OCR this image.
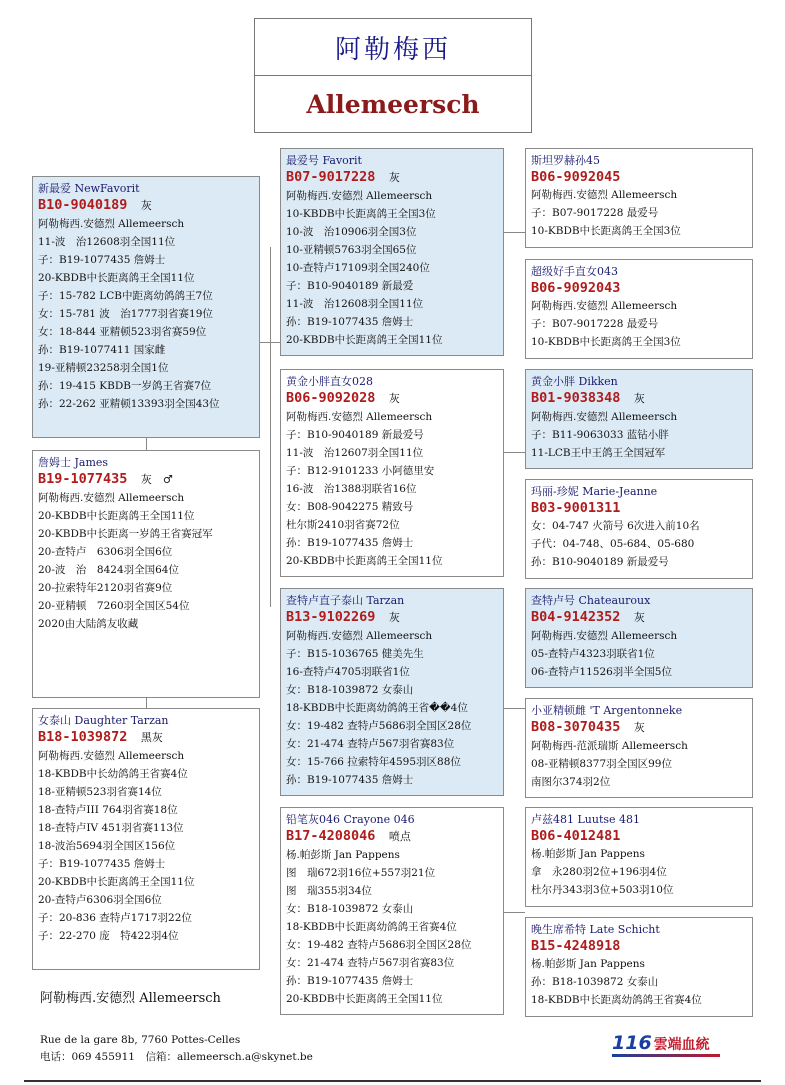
阿勒梅西
Allemeersch
新最爱 NewFavorit
B10-9040189　 灰
阿勒梅西.安德烈 Allemeersch
11-波　治12608羽全国11位
子：B19-1077435 詹姆士
20-KBDB中长距离鸽王全国11位
子：15-782 LCB中距离幼鸽鸽王7位
女：15-781 波　治1777羽省赛19位
女：18-844 亚精顿523羽省赛59位
孙：B19-1077411 国家雌
19-亚精顿23258羽全国1位
孙：19-415 KBDB一岁鸽王省赛7位
孙：22-262 亚精顿13393羽全国43位
詹姆士 James
B19-1077435　 灰　♂
阿勒梅西.安德烈 Allemeersch
20-KBDB中长距离鸽王全国11位
20-KBDB中长距离一岁鸽王省赛冠军
20-查特卢　6306羽全国6位
20-波　治　8424羽全国64位
20-拉索特年2120羽省赛9位
20-亚精顿　7260羽全国区54位
2020由大陆鸽友收藏
女泰山 Daughter Tarzan
B18-1039872　 黑灰
阿勒梅西.安德烈 Allemeersch
18-KBDB中长幼鸽鸽王省赛4位
18-亚精顿523羽省赛14位
18-查特卢III 764羽省赛18位
18-查特卢IV 451羽省赛113位
18-波治5694羽全国区156位
子：B19-1077435 詹姆士
20-KBDB中长距离鸽王全国11位
20-查特卢6306羽全国6位
子：20-836 查特卢1717羽22位
子：22-270 庞　特422羽4位
最爱号 Favorit
B07-9017228　 灰
阿勒梅西.安德烈 Allemeersch
10-KBDB中长距离鸽王全国3位
10-波　治10906羽全国3位
10-亚精顿5763羽全国65位
10-查特卢17109羽全国240位
子：B10-9040189 新最爱
11-波　治12608羽全国11位
孙：B19-1077435 詹姆士
20-KBDB中长距离鸽王全国11位
黄金小胖直女028
B06-9092028　 灰
阿勒梅西.安德烈 Allemeersch
子：B10-9040189 新最爱号
11-波　治12607羽全国11位
子：B12-9101233 小阿德里安
16-波　治1388羽联省16位
女：B08-9042275 精致号
杜尔斯2410羽省赛72位
孙：B19-1077435 詹姆士
20-KBDB中长距离鸽王全国11位
查特卢直子泰山 Tarzan
B13-9102269　 灰
阿勒梅西.安德烈 Allemeersch
子：B15-1036765 健美先生
16-查特卢4705羽联省1位
女：B18-1039872 女泰山
18-KBDB中长距离幼鸽鸽王省��4位
女：19-482 查特卢5686羽全国区28位
女：21-474 查特卢567羽省赛83位
女：15-766 拉索特年4595羽区88位
孙：B19-1077435 詹姆士
铅笔灰046 Crayone 046
B17-4208046　 喷点
杨.帕彭斯 Jan Pappens
图　瑞672羽16位+557羽21位
图　瑞355羽34位
女：B18-1039872 女泰山
18-KBDB中长距离幼鸽鸽王省赛4位
女：19-482 查特卢5686羽全国区28位
女：21-474 查特卢567羽省赛83位
孙：B19-1077435 詹姆士
20-KBDB中长距离鸽王全国11位
斯坦罗赫孙45
B06-9092045
阿勒梅西.安德烈 Allemeersch
子：B07-9017228 最爱号
10-KBDB中长距离鸽王全国3位
超级好手直女043
B06-9092043
阿勒梅西.安德烈 Allemeersch
子：B07-9017228 最爱号
10-KBDB中长距离鸽王全国3位
黄金小胖 Dikken
B01-9038348　 灰
阿勒梅西.安德烈 Allemeersch
子：B11-9063033 蓝钻小胖
11-LCB王中王鸽王全国冠军
玛丽-珍妮 Marie-Jeanne
B03-9001311
女：04-747 火箭号 6次进入前10名
子代：04-748、05-684、05-680
孙：B10-9040189 新最爱号
查特卢号 Chateauroux
B04-9142352　 灰
阿勒梅西.安德烈 Allemeersch
05-查特卢4323羽联省1位
06-查特卢11526羽半全国5位
小亚精顿雌 'T Argentonneke
B08-3070435　 灰
阿勒梅西-范派瑞斯 Allemeersch
08-亚精顿8377羽全国区99位
南图尔374羽2位
卢兹481 Luutse 481
B06-4012481
杨.帕彭斯 Jan Pappens
拿　永280羽2位+196羽4位
杜尔丹343羽3位+503羽10位
晚生席希特 Late Schicht
B15-4248918
杨.帕彭斯 Jan Pappens
孙：B18-1039872 女泰山
18-KBDB中长距离幼鸽鸽王省赛4位
阿勒梅西.安德烈 Allemeersch
Rue de la gare 8b, 7760 Pottes-Celles
电话：069 455911　信箱：allemeersch.a@skynet.be
116 雲端血統
